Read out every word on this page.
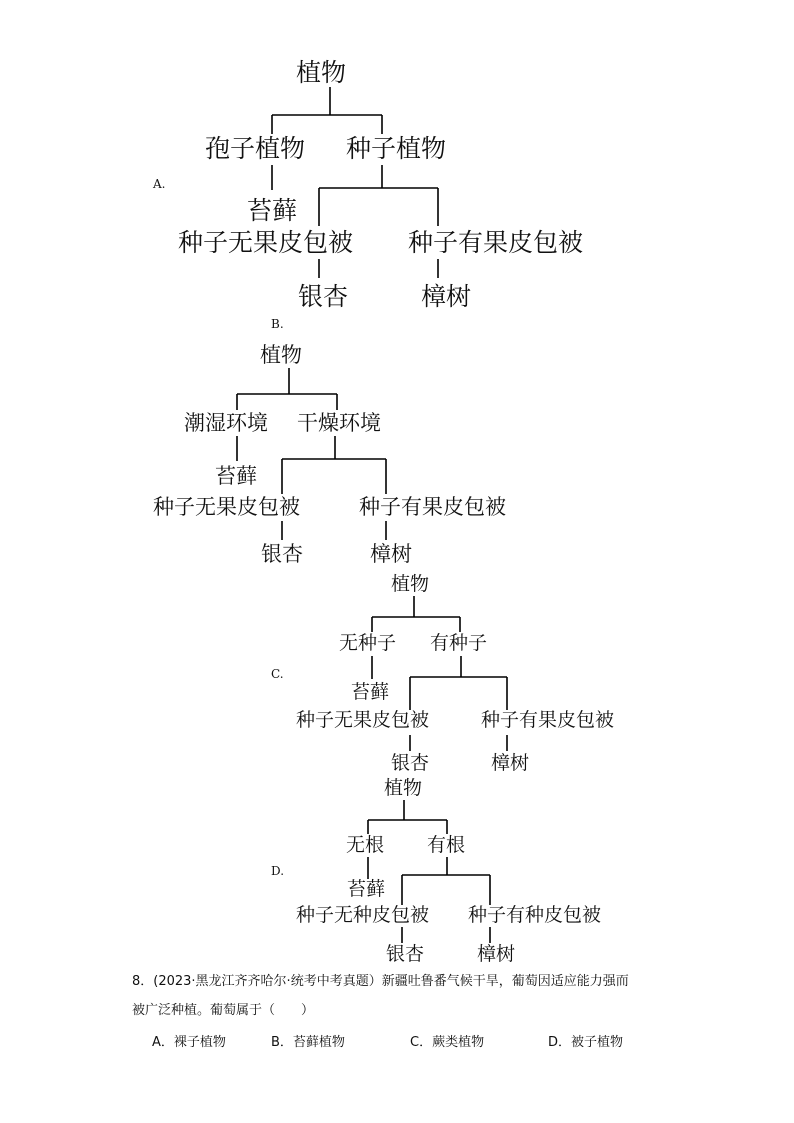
A.
植物
孢子植物 种子植物
苔藓
种子无果皮包被 种子有果皮包被
银杏	樟树
B.
植物
潮湿环境 干燥环境
苔藓
种子无果皮包被	种子有果皮包被
银杏	樟树
C.
植物
无种子 有种子
苔藓
种子无果皮包被	种子有果皮包被
银杏	樟树
D.
植物
无根 有根
苔藓
种子无种皮包被 种子有种皮包被
银杏	樟树
8．(2023·黑龙江齐齐哈尔·统考中考真题）新疆吐鲁番气候干旱，葡萄因适应能力强而
被广泛种植。葡萄属于（　　）
A．裸子植物	B．苔藓植物	C．蕨类植物	D．被子植物
